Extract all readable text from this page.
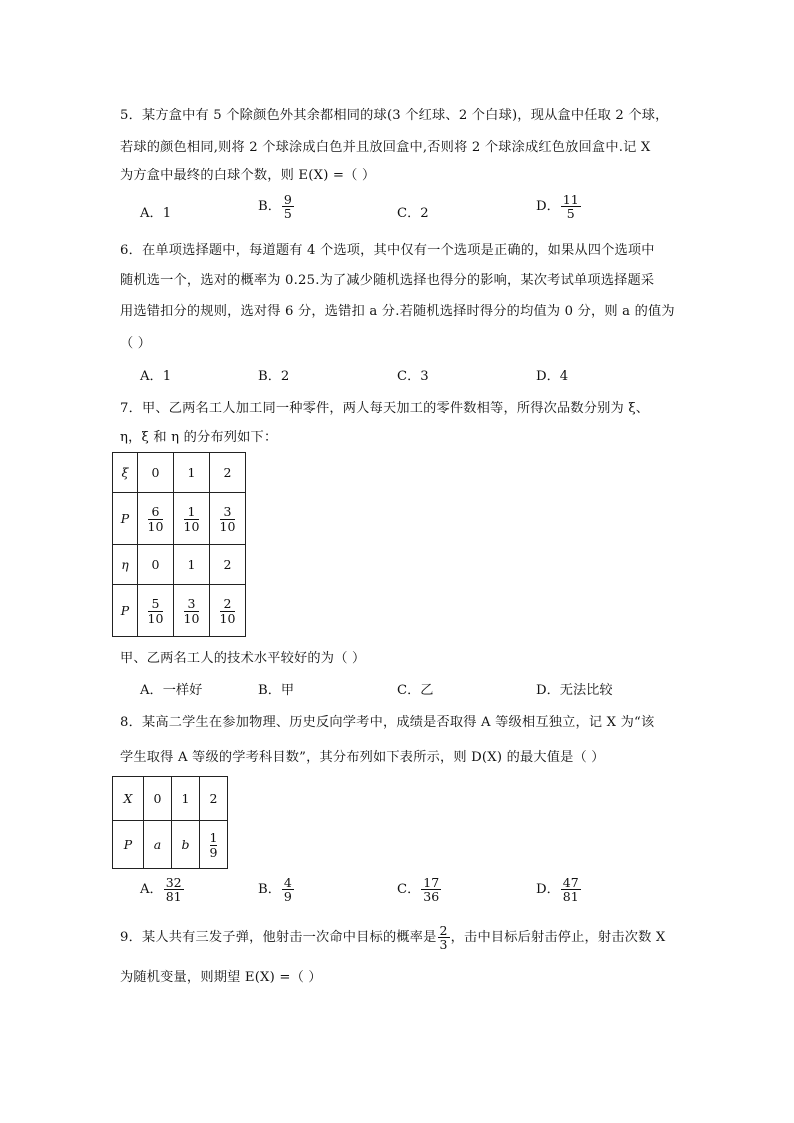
5．某方盒中有 5 个除颜色外其余都相同的球(3 个红球、2 个白球)，现从盒中任取 2 个球，
若球的颜色相同,则将 2 个球涂成白色并且放回盒中,否则将 2 个球涂成红色放回盒中.记 X
为方盒中最终的白球个数，则 E(X) =（ ）
A．1	B． $\frac{9}{5}$	C．2	D． $\frac{11}{5}$
6．在单项选择题中，每道题有 4 个选项，其中仅有一个选项是正确的，如果从四个选项中
随机选一个，选对的概率为 0.25.为了减少随机选择也得分的影响，某次考试单项选择题采
用选错扣分的规则，选对得 6 分，选错扣 a 分.若随机选择时得分的均值为 0 分，则 a 的值为
（ ）
A．1	B．2	C．3	D．4
7．甲、乙两名工人加工同一种零件，两人每天加工的零件数相等，所得次品数分别为 ξ、
η，ξ 和 η 的分布列如下：
ξ	0	1	2
P	$\frac{6}{10}$	$\frac{1}{10}$	$\frac{3}{10}$

η	0	1	2
P	$\frac{5}{10}$	$\frac{3}{10}$	$\frac{2}{10}$
甲、乙两名工人的技术水平较好的为（ ）
A．一样好	B．甲	C．乙	D．无法比较
8．某高二学生在参加物理、历史反向学考中，成绩是否取得 A 等级相互独立，记 X 为“该
学生取得 A 等级的学考科目数”，其分布列如下表所示，则 D(X) 的最大值是（ ）
X	0	1	2
P	a	b	$\frac{1}{9}$
A． $\frac{32}{81}$	B． $\frac{4}{9}$	C． $\frac{17}{36}$	D． $\frac{47}{81}$
9．某人共有三发子弹，他射击一次命中目标的概率是 $\frac{2}{3}$ ，击中目标后射击停止，射击次数 X
为随机变量，则期望 E(X) =（ ）
